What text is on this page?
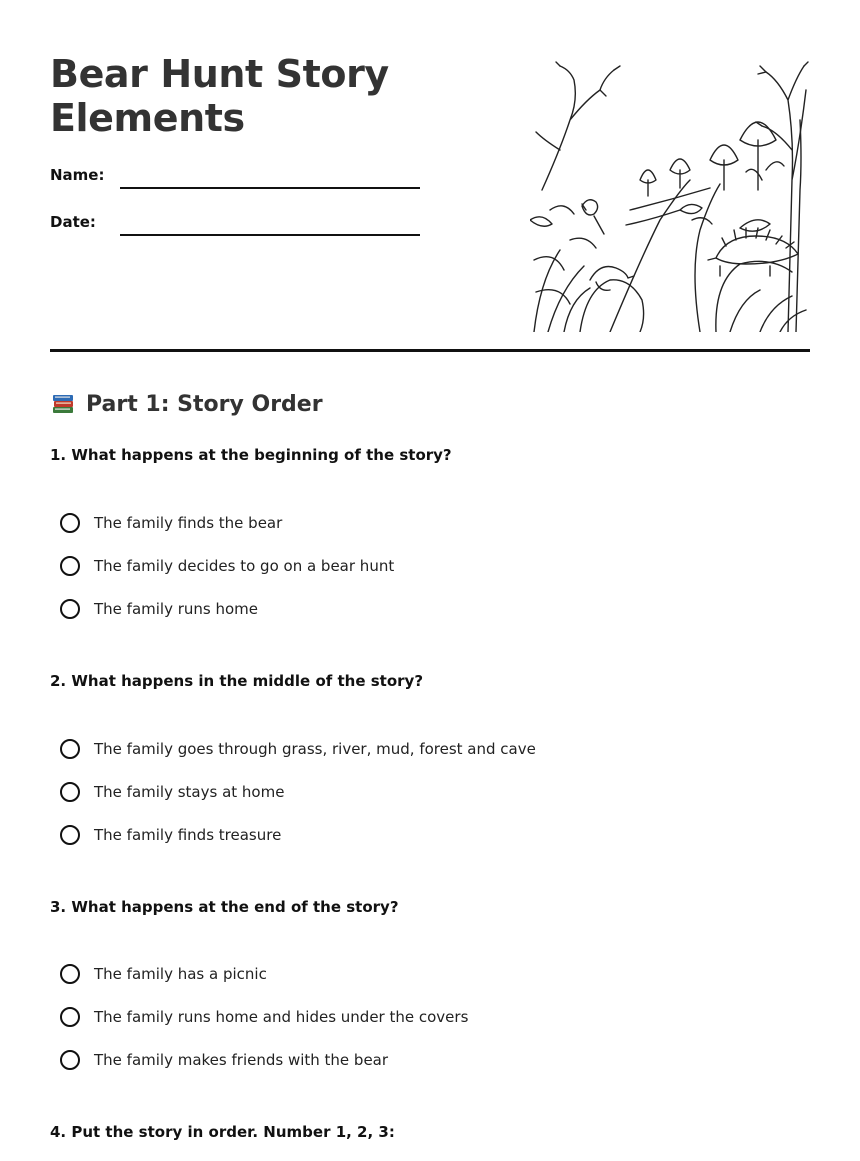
Bear Hunt Story Elements
Name:
Date:
Part 1: Story Order
1. What happens at the beginning of the story?
The family finds the bear
The family decides to go on a bear hunt
The family runs home
2. What happens in the middle of the story?
The family goes through grass, river, mud, forest and cave
The family stays at home
The family finds treasure
3. What happens at the end of the story?
The family has a picnic
The family runs home and hides under the covers
The family makes friends with the bear
4. Put the story in order. Number 1, 2, 3:
